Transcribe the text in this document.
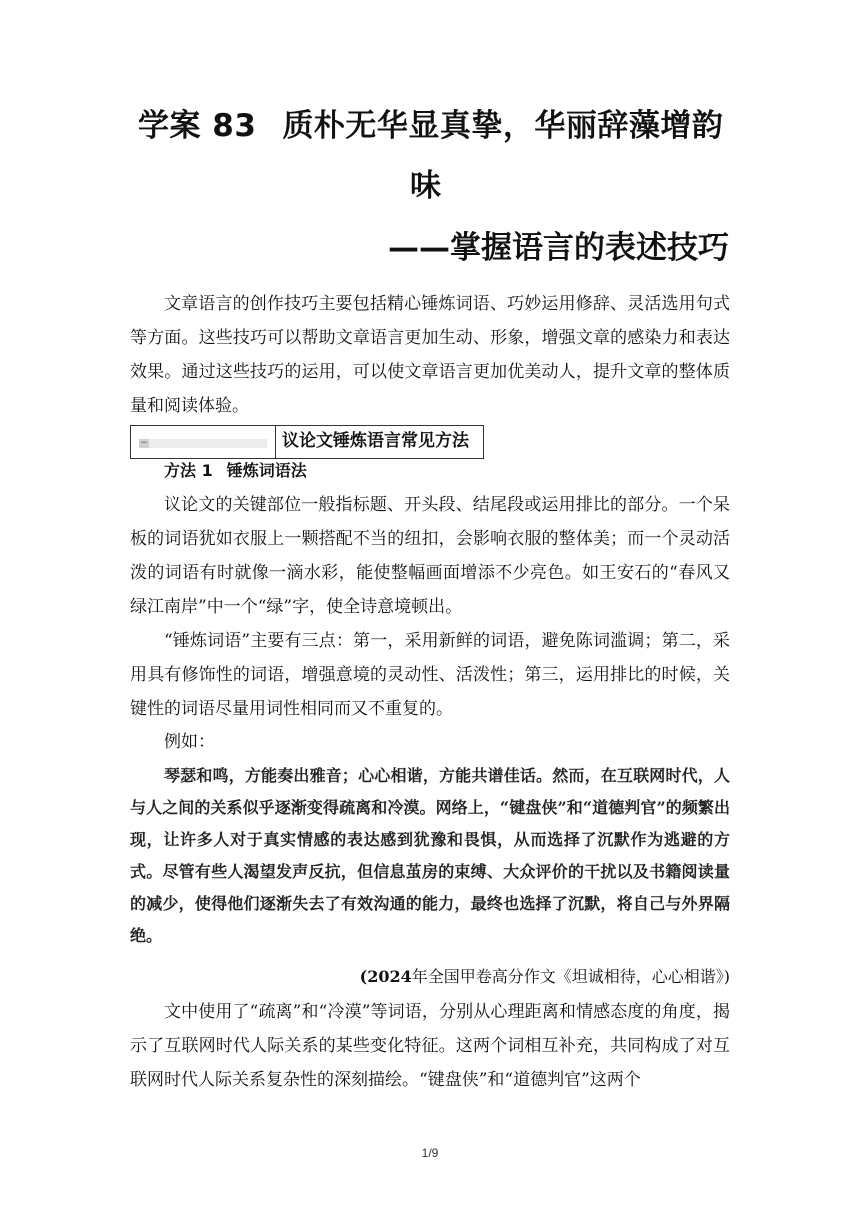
学案 83 质朴无华显真挚，华丽辞藻增韵
味
——掌握语言的表述技巧
文章语言的创作技巧主要包括精心锤炼词语、巧妙运用修辞、灵活选用句式等方面。这些技巧可以帮助文章语言更加生动、形象，增强文章的感染力和表达效果。通过这些技巧的运用，可以使文章语言更加优美动人，提升文章的整体质量和阅读体验。
−	议论文锤炼语言常见方法
方法 1 锤炼词语法
议论文的关键部位一般指标题、开头段、结尾段或运用排比的部分。一个呆板的词语犹如衣服上一颗搭配不当的纽扣，会影响衣服的整体美；而一个灵动活泼的词语有时就像一滴水彩，能使整幅画面增添不少亮色。如王安石的“春风又绿江南岸”中一个“绿”字，使全诗意境顿出。
“锤炼词语”主要有三点：第一，采用新鲜的词语，避免陈词滥调；第二，采用具有修饰性的词语，增强意境的灵动性、活泼性；第三，运用排比的时候，关键性的词语尽量用词性相同而又不重复的。
例如：
琴瑟和鸣，方能奏出雅音；心心相谐，方能共谱佳话。然而，在互联网时代，人与人之间的关系似乎逐渐变得疏离和冷漠。网络上，“键盘侠”和“道德判官”的频繁出现，让许多人对于真实情感的表达感到犹豫和畏惧，从而选择了沉默作为逃避的方式。尽管有些人渴望发声反抗，但信息茧房的束缚、大众评价的干扰以及书籍阅读量的减少，使得他们逐渐失去了有效沟通的能力，最终也选择了沉默，将自己与外界隔绝。
(2024年全国甲卷高分作文《坦诚相待，心心相谐》)
文中使用了“疏离”和“冷漠”等词语，分别从心理距离和情感态度的角度，揭示了互联网时代人际关系的某些变化特征。这两个词相互补充，共同构成了对互联网时代人际关系复杂性的深刻描绘。“键盘侠”和“道德判官”这两个
1/9
